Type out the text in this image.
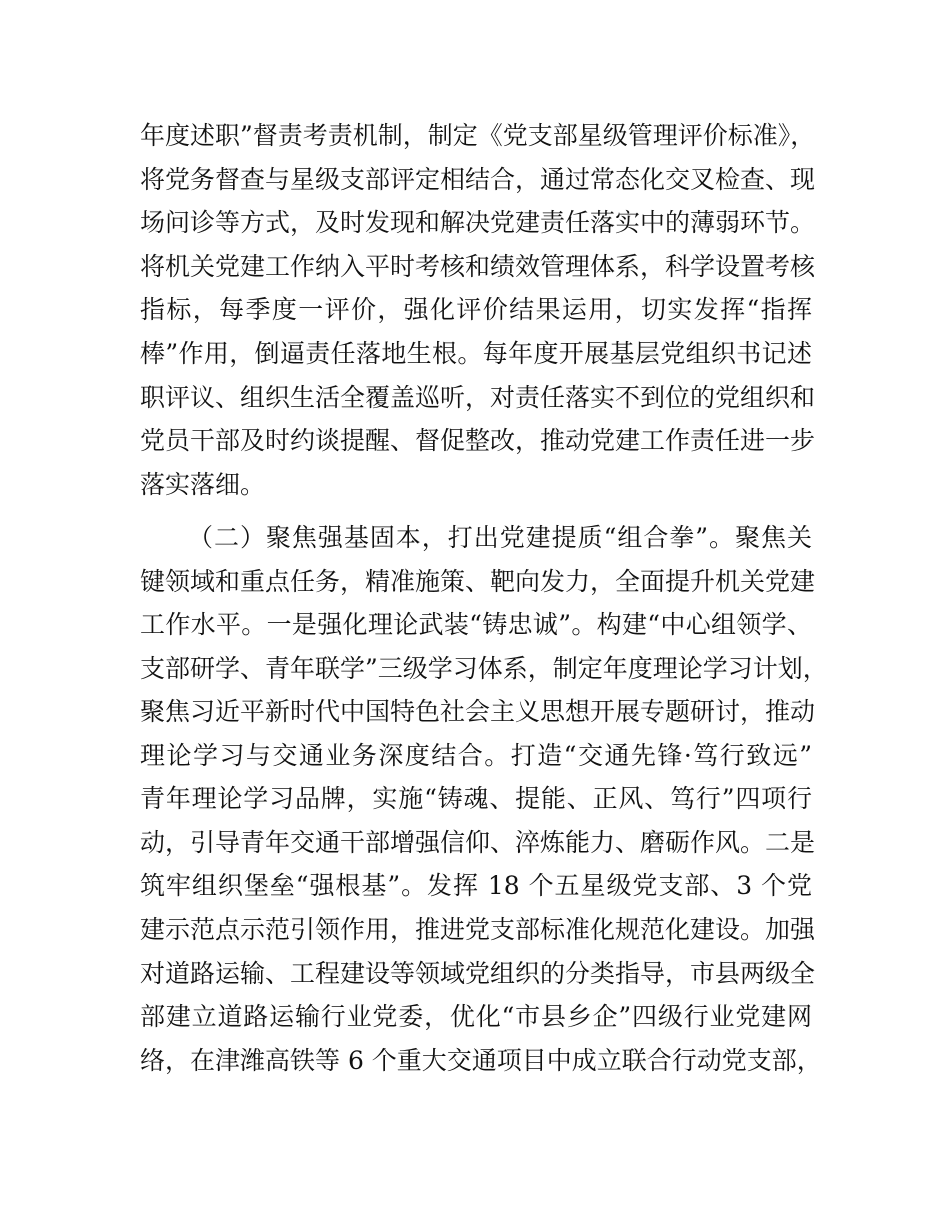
年度述职”督责考责机制，制定《党支部星级管理评价标准》，
将党务督查与星级支部评定相结合，通过常态化交叉检查、现
场问诊等方式，及时发现和解决党建责任落实中的薄弱环节。
将机关党建工作纳入平时考核和绩效管理体系，科学设置考核
指标，每季度一评价，强化评价结果运用，切实发挥“指挥
棒”作用，倒逼责任落地生根。每年度开展基层党组织书记述
职评议、组织生活全覆盖巡听，对责任落实不到位的党组织和
党员干部及时约谈提醒、督促整改，推动党建工作责任进一步
落实落细。
（二）聚焦强基固本，打出党建提质“组合拳”。聚焦关
键领域和重点任务，精准施策、靶向发力，全面提升机关党建
工作水平。一是强化理论武装“铸忠诚”。构建“中心组领学、
支部研学、青年联学”三级学习体系，制定年度理论学习计划，
聚焦习近平新时代中国特色社会主义思想开展专题研讨，推动
理论学习与交通业务深度结合。打造“交通先锋·笃行致远”
青年理论学习品牌，实施“铸魂、提能、正风、笃行”四项行
动，引导青年交通干部增强信仰、淬炼能力、磨砺作风。二是
筑牢组织堡垒“强根基”。发挥 18 个五星级党支部、3 个党
建示范点示范引领作用，推进党支部标准化规范化建设。加强
对道路运输、工程建设等领域党组织的分类指导，市县两级全
部建立道路运输行业党委，优化“市县乡企”四级行业党建网
络，在津潍高铁等 6 个重大交通项目中成立联合行动党支部，
